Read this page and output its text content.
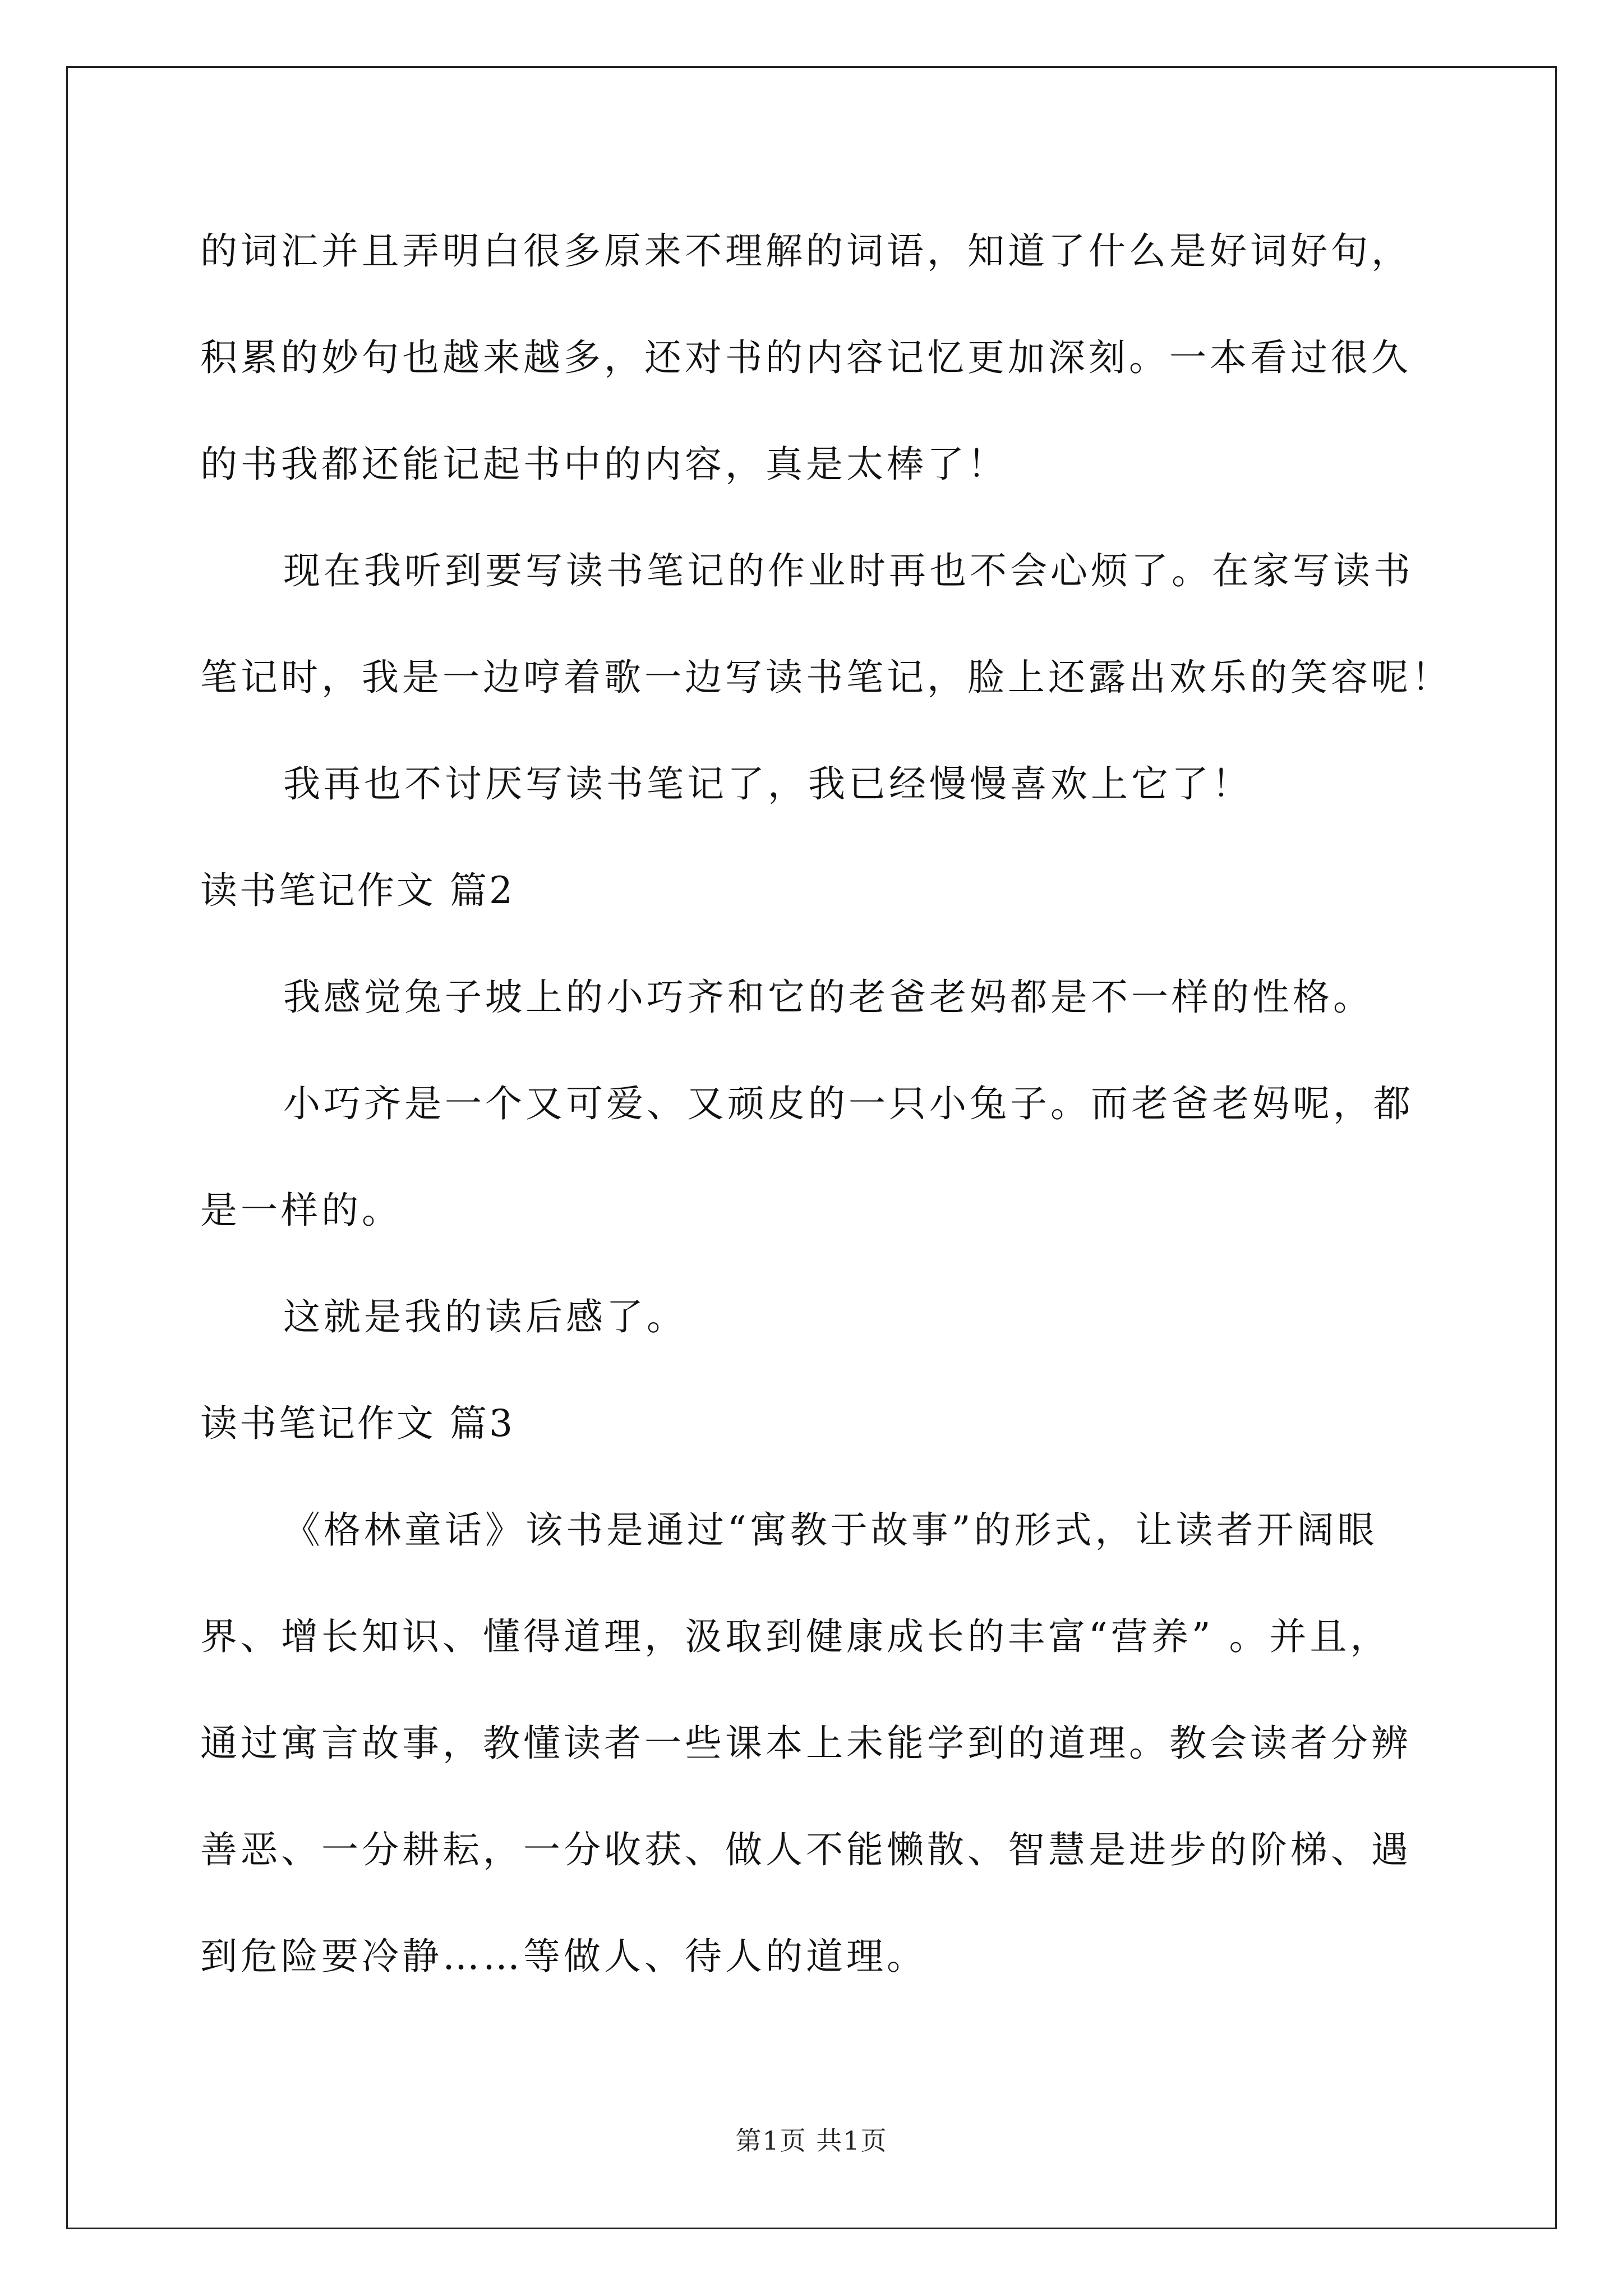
的词汇并且弄明白很多原来不理解的词语，知道了什么是好词好句，
积累的妙句也越来越多，还对书的内容记忆更加深刻。一本看过很久
的书我都还能记起书中的内容，真是太棒了！
现在我听到要写读书笔记的作业时再也不会心烦了。在家写读书
笔记时，我是一边哼着歌一边写读书笔记，脸上还露出欢乐的笑容呢！
我再也不讨厌写读书笔记了，我已经慢慢喜欢上它了！
读书笔记作文 篇2
我感觉兔子坡上的小巧齐和它的老爸老妈都是不一样的性格。
小巧齐是一个又可爱、又顽皮的一只小兔子。而老爸老妈呢，都
是一样的。
这就是我的读后感了。
读书笔记作文 篇3
《格林童话》该书是通过“寓教于故事”的形式，让读者开阔眼
界、增长知识、懂得道理，汲取到健康成长的丰富“营养” 。并且，
通过寓言故事，教懂读者一些课本上未能学到的道理。教会读者分辨
善恶、一分耕耘，一分收获、做人不能懒散、智慧是进步的阶梯、遇
到危险要冷静……等做人、待人的道理。
第1页 共1页
